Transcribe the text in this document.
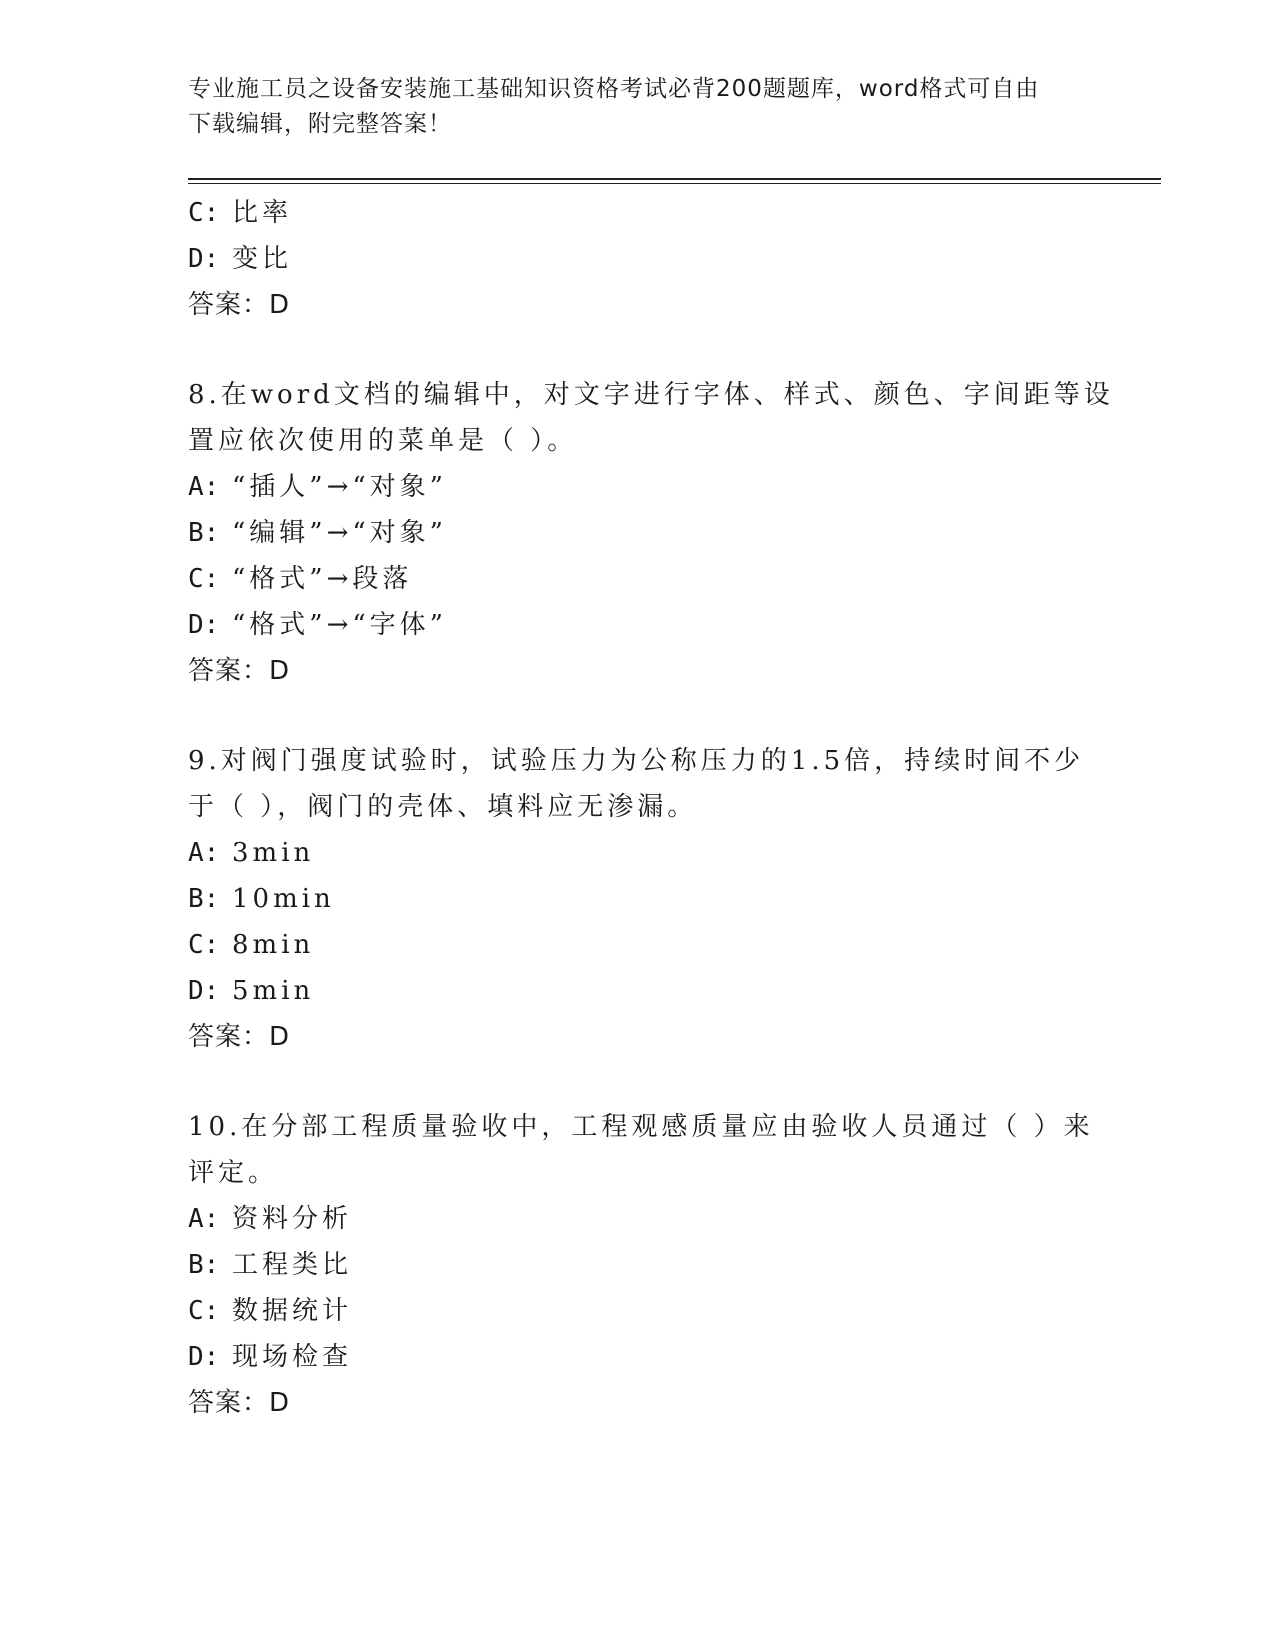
专业施工员之设备安装施工基础知识资格考试必背200题题库，word格式可自由
下载编辑，附完整答案！
C: 比率
D: 变比
答案：D
8.在word文档的编辑中，对文字进行字体、样式、颜色、字间距等设
置应依次使用的菜单是（ ）。
A: “插人”→“对象”
B: “编辑”→“对象”
C: “格式”→段落
D: “格式”→“字体”
答案：D
9.对阀门强度试验时，试验压力为公称压力的1.5倍，持续时间不少
于（ ），阀门的壳体、填料应无渗漏。
A: 3min
B: 10min
C: 8min
D: 5min
答案：D
10.在分部工程质量验收中，工程观感质量应由验收人员通过（ ）来
评定。
A: 资料分析
B: 工程类比
C: 数据统计
D: 现场检查
答案：D
